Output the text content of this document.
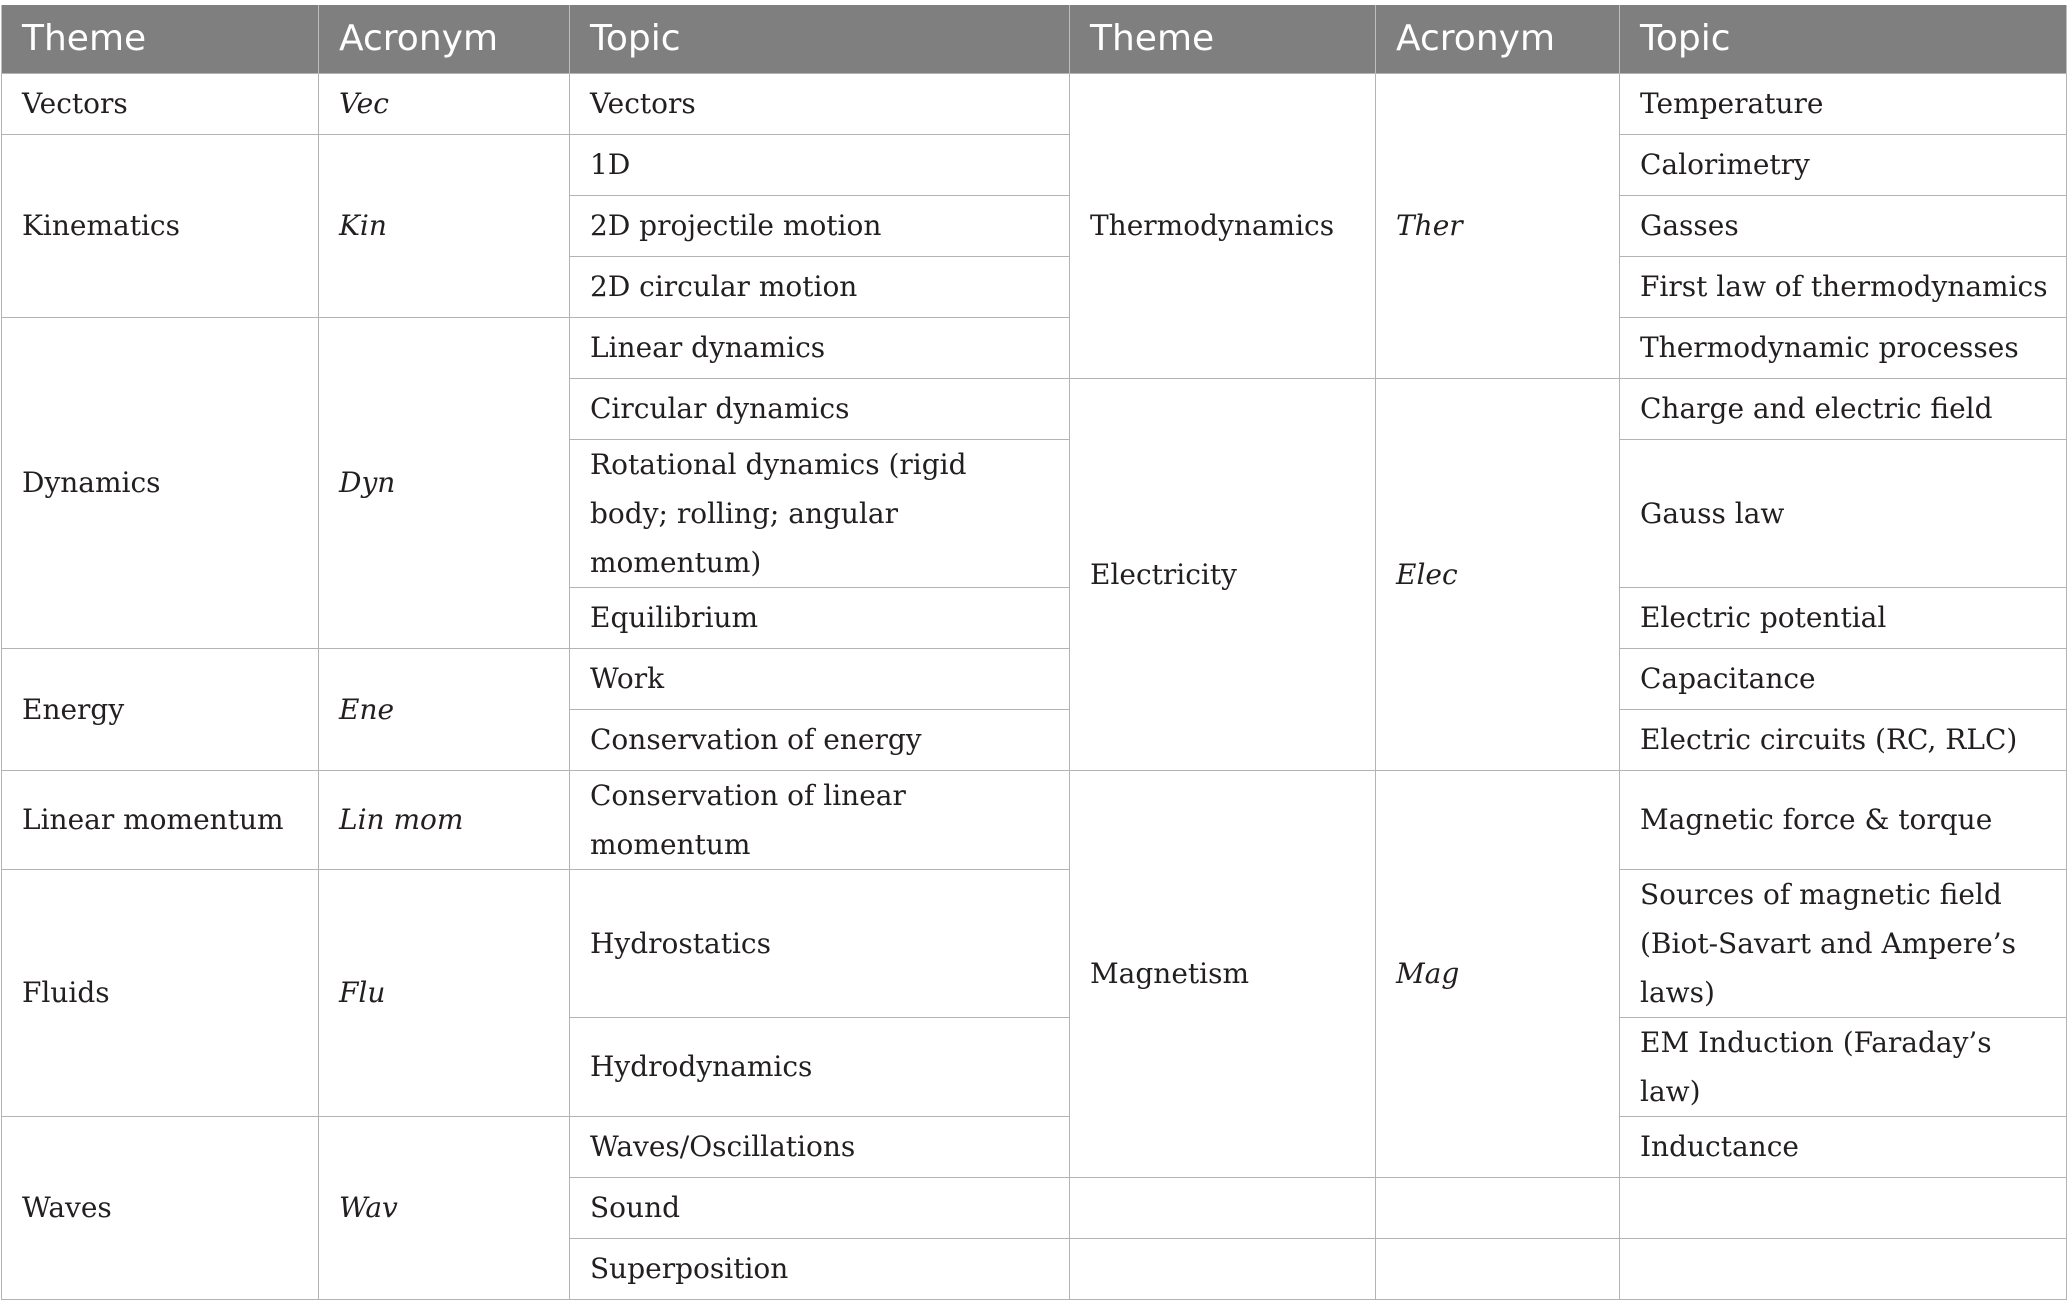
Theme	Acronym	Topic	Theme	Acronym	Topic
Vectors	Vec	Vectors	Thermodynamics	Ther	Temperature
Kinematics	Kin	1D			Calorimetry
		2D projectile motion			Gasses
		2D circular motion			First law of thermodynamics
Dynamics	Dyn	Linear dynamics			Thermodynamic processes
		Circular dynamics	Electricity	Elec	Charge and electric field
		Rotational dynamics (rigid body; rolling; angular momentum)			Gauss law
		Equilibrium			Electric potential
Energy	Ene	Work			Capacitance
		Conservation of energy			Electric circuits (RC, RLC)
Linear momentum	Lin mom	Conservation of linear momentum	Magnetism	Mag	Magnetic force & torque
Fluids	Flu	Hydrostatics			Sources of magnetic field (Biot-Savart and Ampere’s laws)
		Hydrodynamics			EM Induction (Faraday’s law)
Waves	Wav	Waves/Oscillations			Inductance
		Sound			
		Superposition			
